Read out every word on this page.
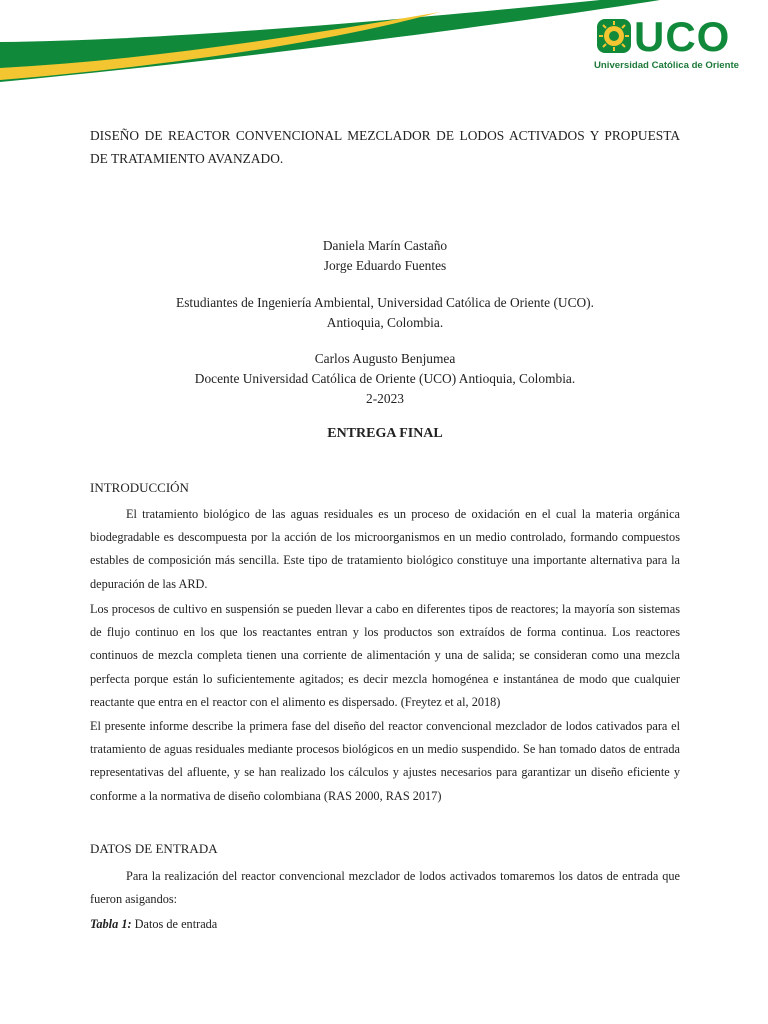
UCO
Universidad Católica de Oriente
DISEÑO DE REACTOR CONVENCIONAL MEZCLADOR DE LODOS ACTIVADOS Y PROPUESTA DE TRATAMIENTO AVANZADO.
Daniela Marín Castaño
Jorge Eduardo Fuentes
Estudiantes de Ingeniería Ambiental, Universidad Católica de Oriente (UCO).
Antioquia, Colombia.
Carlos Augusto Benjumea
Docente Universidad Católica de Oriente (UCO) Antioquia, Colombia.
2-2023
ENTREGA FINAL
INTRODUCCIÓN

El tratamiento biológico de las aguas residuales es un proceso de oxidación en el cual la materia orgánica biodegradable es descompuesta por la acción de los microorganismos en un medio controlado, formando compuestos estables de composición más sencilla. Este tipo de tratamiento biológico constituye una importante alternativa para la depuración de las ARD.

Los procesos de cultivo en suspensión se pueden llevar a cabo en diferentes tipos de reactores; la mayoría son sistemas de flujo continuo en los que los reactantes entran y los productos son extraídos de forma continua. Los reactores continuos de mezcla completa tienen una corriente de alimentación y una de salida; se consideran como una mezcla perfecta porque están lo suficientemente agitados; es decir mezcla homogénea e instantánea de modo que cualquier reactante que entra en el reactor con el alimento es dispersado. (Freytez et al, 2018)

El presente informe describe la primera fase del diseño del reactor convencional mezclador de lodos cativados para el tratamiento de aguas residuales mediante procesos biológicos en un medio suspendido. Se han tomado datos de entrada representativas del afluente, y se han realizado los cálculos y ajustes necesarios para garantizar un diseño eficiente y conforme a la normativa de diseño colombiana (RAS 2000, RAS 2017)

DATOS DE ENTRADA

Para la realización del reactor convencional mezclador de lodos activados tomaremos los datos de entrada que fueron asigandos:

Tabla 1: Datos de entrada
